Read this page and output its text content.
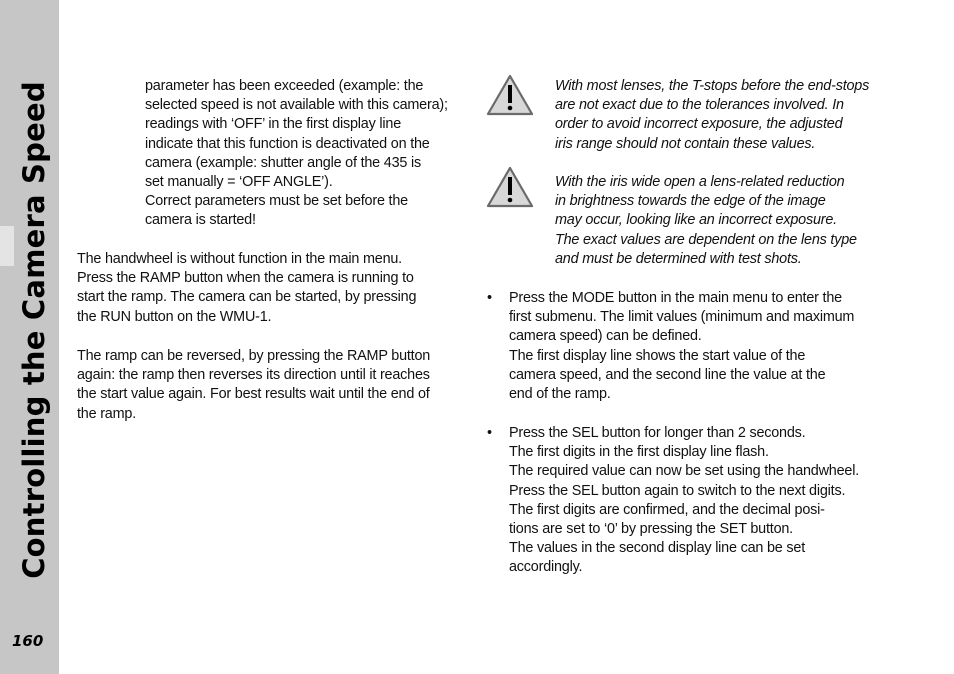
Controlling the Camera Speed
160
parameter has been exceeded (example: the
selected speed is not available with this camera);
readings with ‘OFF’ in the first display line
indicate that this function is deactivated on the
camera (example: shutter angle of the 435 is
set manually = ‘OFF ANGLE’).
Correct parameters must be set before the
camera is started!
The handwheel is without function in the main menu.
Press the RAMP button when the camera is running to
start the ramp. The camera can be started, by pressing
the RUN button on the WMU-1.
The ramp can be reversed, by pressing the RAMP button
again: the ramp then reverses its direction until it reaches
the start value again. For best results wait until the end of
the ramp.
With most lenses, the T-stops before the end-stops
are not exact due to the tolerances involved. In
order to avoid incorrect exposure, the adjusted
iris range should not contain these values.
With the iris wide open a lens-related reduction
in brightness towards the edge of the image
may occur, looking like an incorrect exposure.
The exact values are dependent on the lens type
and must be determined with test shots.
• Press the MODE button in the main menu to enter the
first submenu. The limit values (minimum and maximum
camera speed) can be defined.
The first display line shows the start value of the
camera speed, and the second line the value at the
end of the ramp.
• Press the SEL button for longer than 2 seconds.
The first digits in the first display line flash.
The required value can now be set using the handwheel.
Press the SEL button again to switch to the next digits.
The first digits are confirmed, and the decimal posi-
tions are set to ‘0’ by pressing the SET button.
The values in the second display line can be set
accordingly.
